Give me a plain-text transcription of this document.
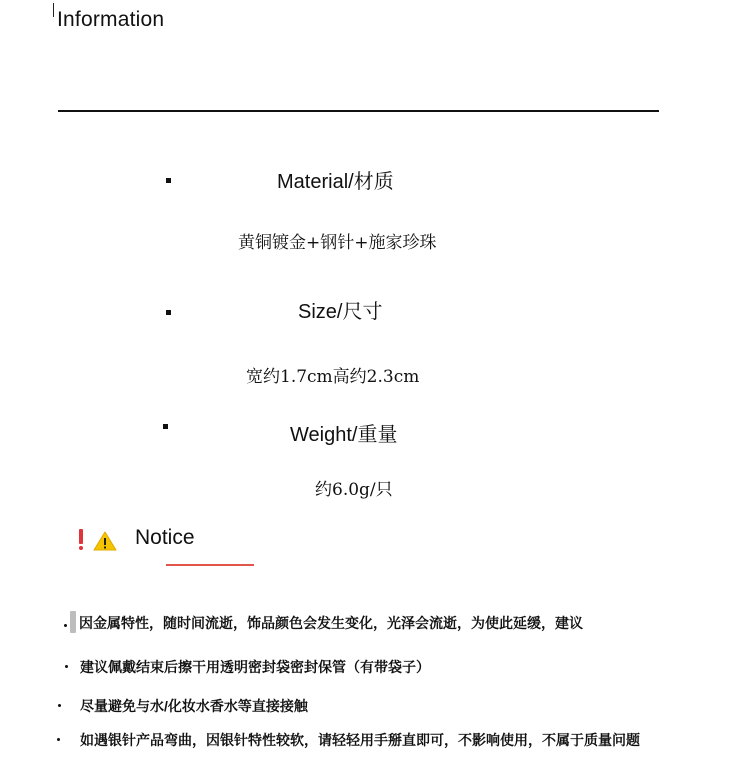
Information
Material/材质
黄铜镀金+钢针+施家珍珠
Size/尺寸
宽约1.7cm高约2.3cm
Weight/重量
约6.0g/只
Notice
因金属特性，随时间流逝，饰品颜色会发生变化，光泽会流逝，为使此延缓，建议
建议佩戴结束后擦干用透明密封袋密封保管（有带袋子）
尽量避免与水/化妆水香水等直接接触
如遇银针产品弯曲，因银针特性较软，请轻轻用手掰直即可，不影响使用，不属于质量问题
